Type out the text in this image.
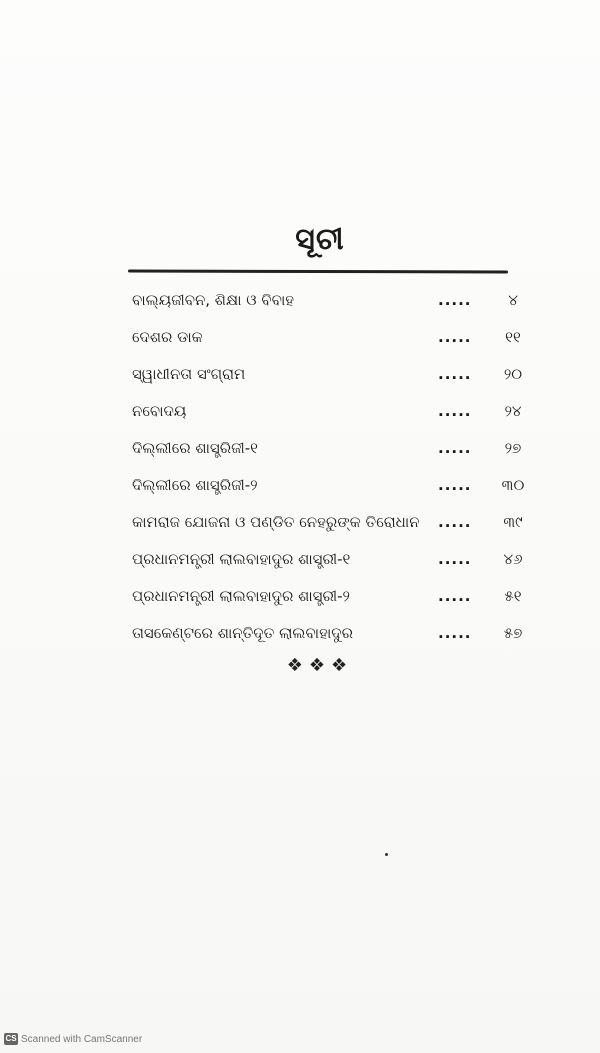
ସୂଚୀ
ବାଲ୍ୟଜୀବନ, ଶିକ୍ଷା ଓ ବିବାହ	.....	୪
ଦେଶର ଡାକ	.....	୧୧
ସ୍ୱାଧୀନତା ସଂଗ୍ରାମ	.....	୨୦
ନବୋଦୟ	.....	୨୪
ଦିଲ୍ଲୀରେ ଶାସ୍ତ୍ରିଜୀ-୧	.....	୨୭
ଦିଲ୍ଲୀରେ ଶାସ୍ତ୍ରିଜୀ-୨	..... ୩୦
କାମରାଜ ଯୋଜନା ଓ ପଣ୍ଡିତ ନେହରୁଙ୍କ ତିରୋଧାନ .....	୩୯
ପ୍ରଧାନମନ୍ତ୍ରୀ ଲାଲବାହାଦୁର ଶାସ୍ତ୍ରୀ-୧	.....	୪୬
ପ୍ରଧାନମନ୍ତ୍ରୀ ଲାଲବାହାଦୁର ଶାସ୍ତ୍ରୀ-୨	.....	୫୧
ତାସକେଣ୍ଟରେ ଶାନ୍ତିଦୂତ ଲାଲବାହାଦୁର	.....	୫୭
❖❖❖
CS Scanned with CamScanner
